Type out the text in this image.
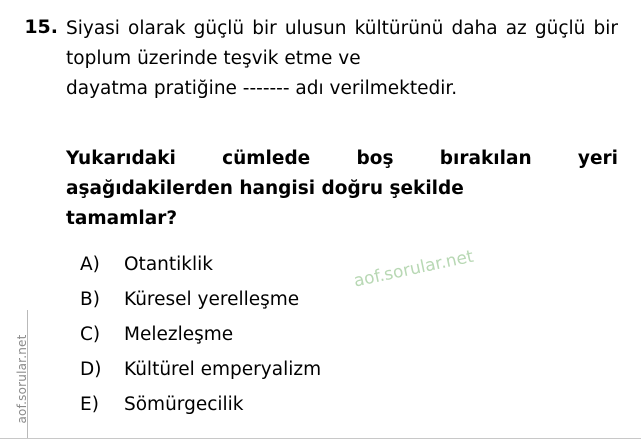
aof.sorular.net
15. Siyasi olarak güçlü bir ulusun kültürünü daha az güçlü bir toplum üzerinde teşvik etme ve
dayatma pratiğine ------- adı verilmektedir.
Yukarıdaki cümlede boş bırakılan yeri aşağıdakilerden hangisi doğru şekilde
tamamlar?
A)	Otantiklik
B)	Küresel yerelleşme
C)	Melezleşme
D)	Kültürel emperyalizm
E)	Sömürgecilik
aof.sorular.net
